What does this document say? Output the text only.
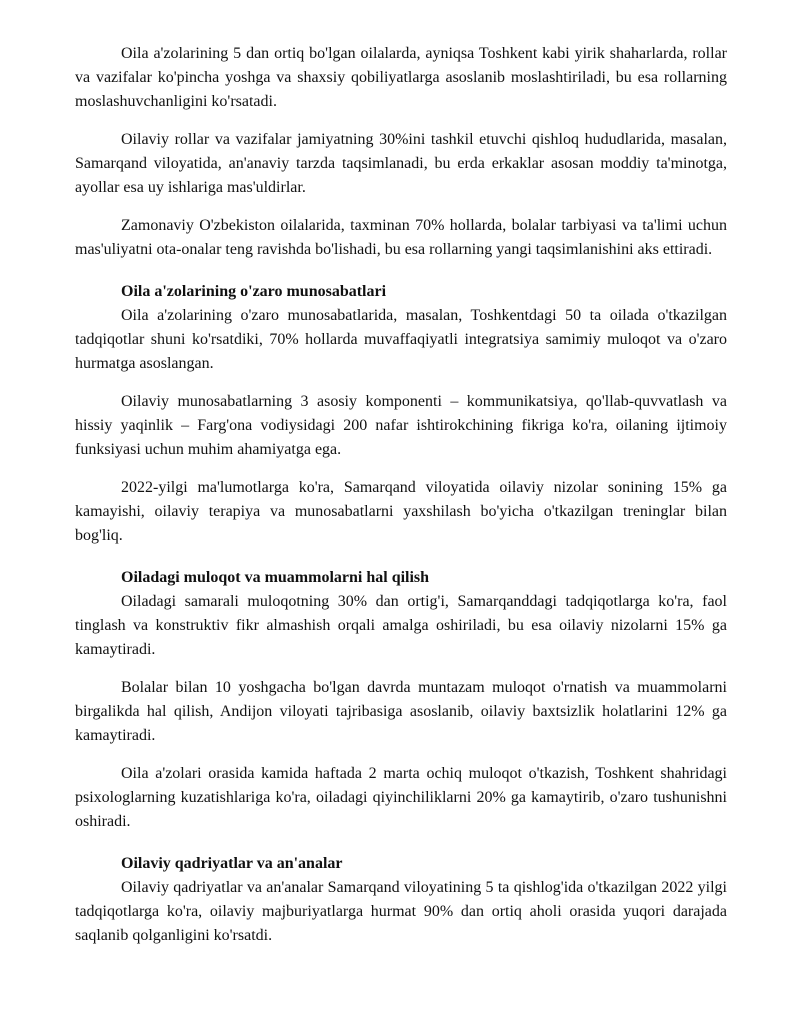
Oila a'zolarining 5 dan ortiq bo'lgan oilalarda, ayniqsa Toshkent kabi yirik shaharlarda, rollar va vazifalar ko'pincha yoshga va shaxsiy qobiliyatlarga asoslanib moslashtiriladi, bu esa rollarning moslashuvchanligini ko'rsatadi.

Oilaviy rollar va vazifalar jamiyatning 30%ini tashkil etuvchi qishloq hududlarida, masalan, Samarqand viloyatida, an'anaviy tarzda taqsimlanadi, bu erda erkaklar asosan moddiy ta'minotga, ayollar esa uy ishlariga mas'uldirlar.

Zamonaviy O'zbekiston oilalarida, taxminan 70% hollarda, bolalar tarbiyasi va ta'limi uchun mas'uliyatni ota-onalar teng ravishda bo'lishadi, bu esa rollarning yangi taqsimlanishini aks ettiradi.

Oila a'zolarining o'zaro munosabatlari

Oila a'zolarining o'zaro munosabatlarida, masalan, Toshkentdagi 50 ta oilada o'tkazilgan tadqiqotlar shuni ko'rsatdiki, 70% hollarda muvaffaqiyatli integratsiya samimiy muloqot va o'zaro hurmatga asoslangan.

Oilaviy munosabatlarning 3 asosiy komponenti – kommunikatsiya, qo'llab-quvvatlash va hissiy yaqinlik – Farg'ona vodiysidagi 200 nafar ishtirokchining fikriga ko'ra, oilaning ijtimoiy funksiyasi uchun muhim ahamiyatga ega.

2022-yilgi ma'lumotlarga ko'ra, Samarqand viloyatida oilaviy nizolar sonining 15% ga kamayishi, oilaviy terapiya va munosabatlarni yaxshilash bo'yicha o'tkazilgan treninglar bilan bog'liq.

Oiladagi muloqot va muammolarni hal qilish

Oiladagi samarali muloqotning 30% dan ortig'i, Samarqanddagi tadqiqotlarga ko'ra, faol tinglash va konstruktiv fikr almashish orqali amalga oshiriladi, bu esa oilaviy nizolarni 15% ga kamaytiradi.

Bolalar bilan 10 yoshgacha bo'lgan davrda muntazam muloqot o'rnatish va muammolarni birgalikda hal qilish, Andijon viloyati tajribasiga asoslanib, oilaviy baxtsizlik holatlarini 12% ga kamaytiradi.

Oila a'zolari orasida kamida haftada 2 marta ochiq muloqot o'tkazish, Toshkent shahridagi psixologlarning kuzatishlariga ko'ra, oiladagi qiyinchiliklarni 20% ga kamaytirib, o'zaro tushunishni oshiradi.

Oilaviy qadriyatlar va an'analar

Oilaviy qadriyatlar va an'analar Samarqand viloyatining 5 ta qishlog'ida o'tkazilgan 2022 yilgi tadqiqotlarga ko'ra, oilaviy majburiyatlarga hurmat 90% dan ortiq aholi orasida yuqori darajada saqlanib qolganligini ko'rsatdi.
